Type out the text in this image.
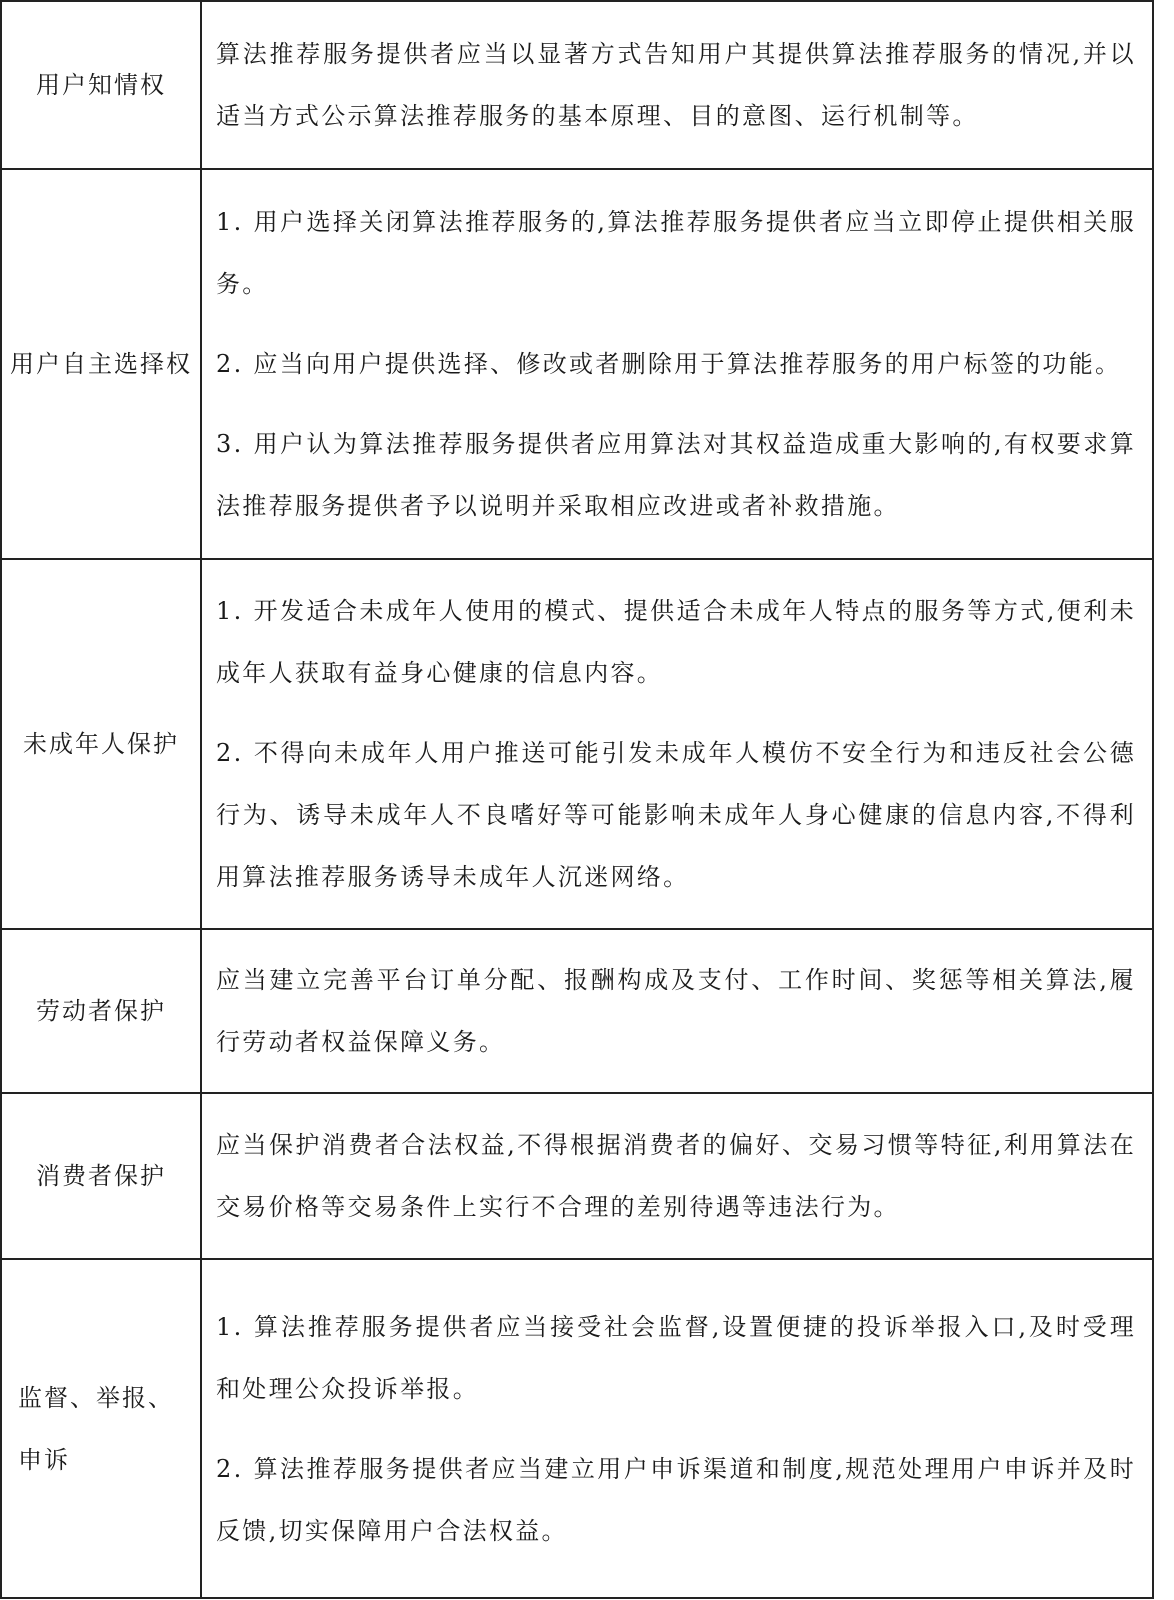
用户知情权	算法推荐服务提供者应当以显著方式告知用户其提供算法推荐服务的情况,并以适当方式公示算法推荐服务的基本原理、目的意图、运行机制等。

用户自主选择权	1. 用户选择关闭算法推荐服务的,算法推荐服务提供者应当立即停止提供相关服务。

2. 应当向用户提供选择、修改或者删除用于算法推荐服务的用户标签的功能。

3. 用户认为算法推荐服务提供者应用算法对其权益造成重大影响的,有权要求算法推荐服务提供者予以说明并采取相应改进或者补救措施。

未成年人保护	1. 开发适合未成年人使用的模式、提供适合未成年人特点的服务等方式,便利未成年人获取有益身心健康的信息内容。

2. 不得向未成年人用户推送可能引发未成年人模仿不安全行为和违反社会公德行为、诱导未成年人不良嗜好等可能影响未成年人身心健康的信息内容,不得利用算法推荐服务诱导未成年人沉迷网络。

劳动者保护	应当建立完善平台订单分配、报酬构成及支付、工作时间、奖惩等相关算法,履行劳动者权益保障义务。

消费者保护	应当保护消费者合法权益,不得根据消费者的偏好、交易习惯等特征,利用算法在交易价格等交易条件上实行不合理的差别待遇等违法行为。

监督、举报、申诉	1. 算法推荐服务提供者应当接受社会监督,设置便捷的投诉举报入口,及时受理和处理公众投诉举报。

2. 算法推荐服务提供者应当建立用户申诉渠道和制度,规范处理用户申诉并及时反馈,切实保障用户合法权益。
